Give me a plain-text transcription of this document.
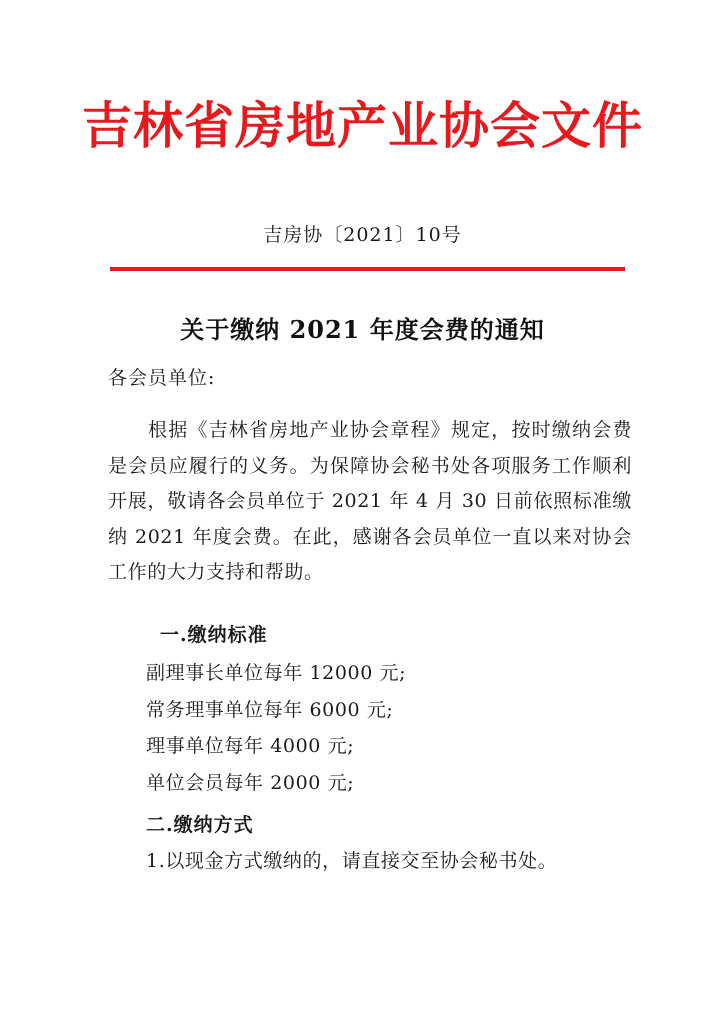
吉林省房地产业协会文件
吉房协〔2021〕10号
关于缴纳 2021 年度会费的通知
各会员单位:
根据《吉林省房地产业协会章程》规定，按时缴纳会费是会员应履行的义务。为保障协会秘书处各项服务工作顺利开展，敬请各会员单位于 2021 年 4 月 30 日前依照标准缴纳 2021 年度会费。在此，感谢各会员单位一直以来对协会工作的大力支持和帮助。
一.缴纳标准
副理事长单位每年 12000 元;
常务理事单位每年 6000 元;
理事单位每年 4000 元;
单位会员每年 2000 元;
二.缴纳方式
1.以现金方式缴纳的，请直接交至协会秘书处。
